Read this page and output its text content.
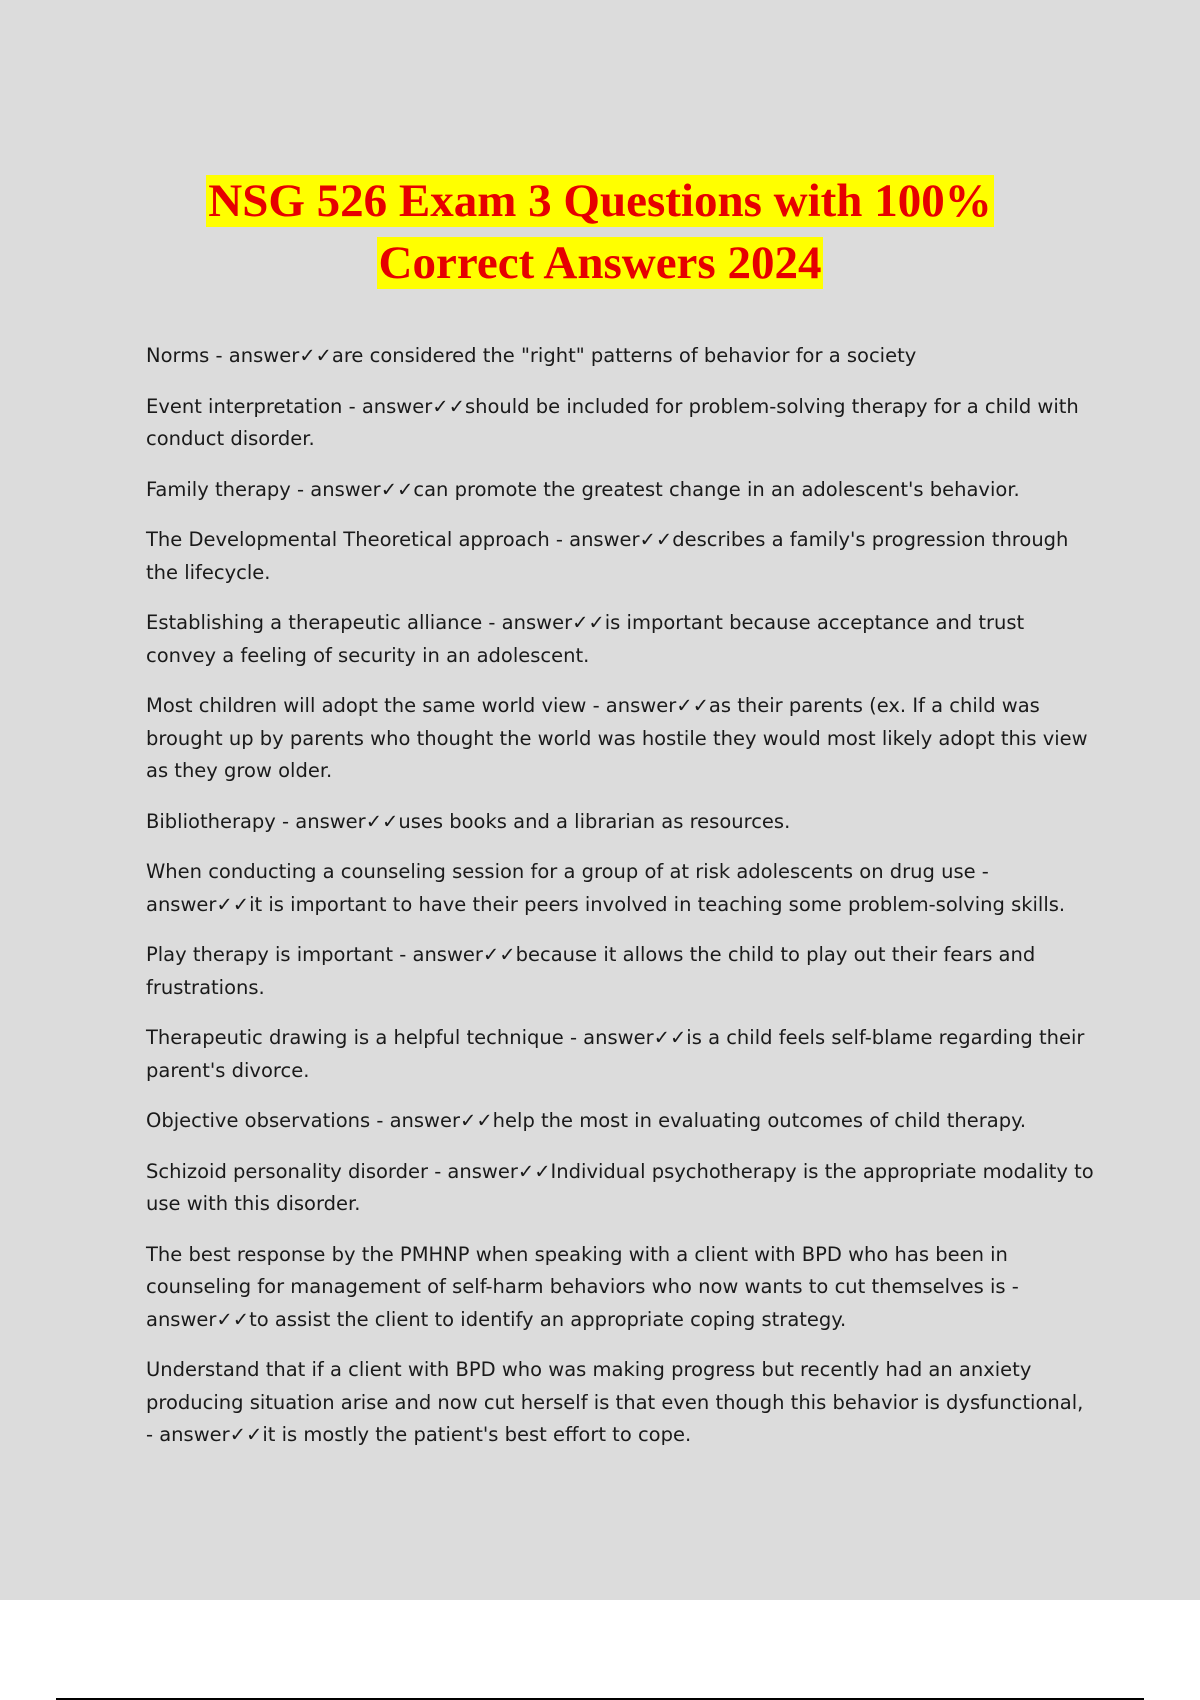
NSG 526 Exam 3 Questions with 100%
Correct Answers 2024

Norms - answer✓✓are considered the "right" patterns of behavior for a society

Event interpretation - answer✓✓should be included for problem-solving therapy for a child with conduct disorder.

Family therapy - answer✓✓can promote the greatest change in an adolescent's behavior.

The Developmental Theoretical approach - answer✓✓describes a family's progression through the lifecycle.

Establishing a therapeutic alliance - answer✓✓is important because acceptance and trust convey a feeling of security in an adolescent.

Most children will adopt the same world view - answer✓✓as their parents (ex. If a child was brought up by parents who thought the world was hostile they would most likely adopt this view as they grow older.

Bibliotherapy - answer✓✓uses books and a librarian as resources.

When conducting a counseling session for a group of at risk adolescents on drug use - answer✓✓it is important to have their peers involved in teaching some problem-solving skills.

Play therapy is important - answer✓✓because it allows the child to play out their fears and frustrations.

Therapeutic drawing is a helpful technique - answer✓✓is a child feels self-blame regarding their parent's divorce.

Objective observations - answer✓✓help the most in evaluating outcomes of child therapy.

Schizoid personality disorder - answer✓✓Individual psychotherapy is the appropriate modality to use with this disorder.

The best response by the PMHNP when speaking with a client with BPD who has been in counseling for management of self-harm behaviors who now wants to cut themselves is - answer✓✓to assist the client to identify an appropriate coping strategy.

Understand that if a client with BPD who was making progress but recently had an anxiety producing situation arise and now cut herself is that even though this behavior is dysfunctional, - answer✓✓it is mostly the patient's best effort to cope.
